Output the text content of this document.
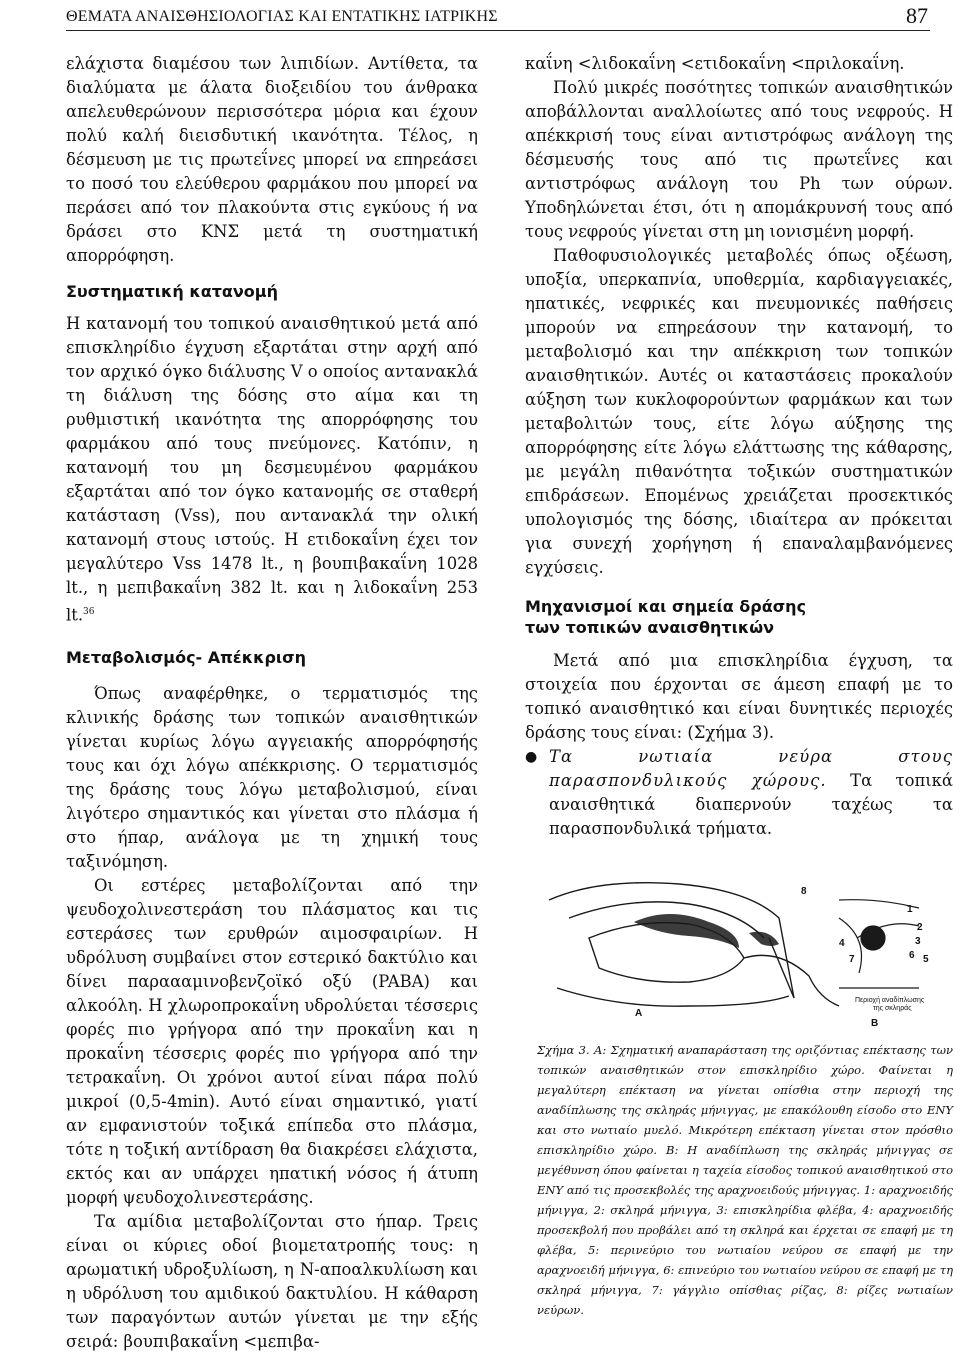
ΘΕΜΑΤΑ ΑΝΑΙΣΘΗΣΙΟΛΟΓΙΑΣ ΚΑΙ ΕΝΤΑΤΙΚΗΣ ΙΑΤΡΙΚΗΣ	87

ελάχιστα διαμέσου των λιπιδίων. Αντίθετα, τα διαλύματα με άλατα διοξειδίου του άνθρακα απελευθερώνουν περισσότερα μόρια και έχουν πολύ καλή διεισδυτική ικανότητα. Τέλος, η δέσμευση με τις πρωτεΐνες μπορεί να επηρεάσει το ποσό του ελεύθερου φαρμάκου που μπορεί να περάσει από τον πλακούντα στις εγκύους ή να δράσει στο ΚΝΣ μετά τη συστηματική απορρόφηση.

Συστηματική κατανομή

Η κατανομή του τοπικού αναισθητικού μετά από επισκληρίδιο έγχυση εξαρτάται στην αρχή από τον αρχικό όγκο διάλυσης V ο οποίος αντανακλά τη διάλυση της δόσης στο αίμα και τη ρυθμιστική ικανότητα της απορρόφησης του φαρμάκου από τους πνεύμονες. Κατόπιν, η κατανομή του μη δεσμευμένου φαρμάκου εξαρτάται από τον όγκο κατανομής σε σταθερή κατάσταση (Vss), που αντανακλά την ολική κατανομή στους ιστούς. Η ετιδοκαΐνη έχει τον μεγαλύτερο Vss 1478 lt., η βουπιβακαΐνη 1028 lt., η μεπιβακαΐνη 382 lt. και η λιδοκαΐνη 253 lt.$^{36}$

Μεταβολισμός- Απέκκριση

Όπως αναφέρθηκε, ο τερματισμός της κλινικής δράσης των τοπικών αναισθητικών γίνεται κυρίως λόγω αγγειακής απορρόφησής τους και όχι λόγω απέκκρισης. Ο τερματισμός της δράσης τους λόγω μεταβολισμού, είναι λιγότερο σημαντικός και γίνεται στο πλάσμα ή στο ήπαρ, ανάλογα με τη χημική τους ταξινόμηση.

Οι εστέρες μεταβολίζονται από την ψευδοχολινεστεράση του πλάσματος και τις εστεράσες των ερυθρών αιμοσφαιρίων. Η υδρόλυση συμβαίνει στον εστερικό δακτύλιο και δίνει παραααμινοβενζοϊκό οξύ (PABA) και αλκοόλη. Η χλωροπροκαΐνη υδρολύεται τέσσερις φορές πιο γρήγορα από την προκαΐνη και η προκαΐνη τέσσερις φορές πιο γρήγορα από την τετρακαΐνη. Οι χρόνοι αυτοί είναι πάρα πολύ μικροί (0,5-4min). Αυτό είναι σημαντικό, γιατί αν εμφανιστούν τοξικά επίπεδα στο πλάσμα, τότε η τοξική αντίδραση θα διακρέσει ελάχιστα, εκτός και αν υπάρχει ηπατική νόσος ή άτυπη μορφή ψευδοχολινεστεράσης.

Τα αμίδια μεταβολίζονται στο ήπαρ. Τρεις είναι οι κύριες οδοί βιομετατροπής τους: η αρωματική υδροξυλίωση, η Ν-αποαλκυλίωση και η υδρόλυση του αμιδικού δακτυλίου. Η κάθαρση των παραγόντων αυτών γίνεται με την εξής σειρά: βουπιβακαΐνη <μεπιβα-

καΐνη <λιδοκαΐνη <ετιδοκαΐνη <πριλοκαΐνη.

Πολύ μικρές ποσότητες τοπικών αναισθητικών αποβάλλονται αναλλοίωτες από τους νεφρούς. Η απέκκρισή τους είναι αντιστρόφως ανάλογη της δέσμευσής τους από τις πρωτεΐνες και αντιστρόφως ανάλογη του Ph των ούρων. Υποδηλώνεται έτσι, ότι η απομάκρυνσή τους από τους νεφρούς γίνεται στη μη ιονισμένη μορφή.

Παθοφυσιολογικές μεταβολές όπως οξέωση, υποξία, υπερκαπνία, υποθερμία, καρδιαγγειακές, ηπατικές, νεφρικές και πνευμονικές παθήσεις μπορούν να επηρεάσουν την κατανομή, το μεταβολισμό και την απέκκριση των τοπικών αναισθητικών. Αυτές οι καταστάσεις προκαλούν αύξηση των κυκλοφορούντων φαρμάκων και των μεταβολιτών τους, είτε λόγω αύξησης της απορρόφησης είτε λόγω ελάττωσης της κάθαρσης, με μεγάλη πιθανότητα τοξικών συστηματικών επιδράσεων. Επομένως χρειάζεται προσεκτικός υπολογισμός της δόσης, ιδιαίτερα αν πρόκειται για συνεχή χορήγηση ή επαναλαμβανόμενες εγχύσεις.

Μηχανισμοί και σημεία δράσης
των τοπικών αναισθητικών

Μετά από μια επισκληρίδια έγχυση, τα στοιχεία που έρχονται σε άμεση επαφή με το τοπικό αναισθητικό και είναι δυνητικές περιοχές δράσης τους είναι: (Σχήμα 3).

● Τα νωτιαία νεύρα στους παρασπονδυλικούς χώρους. Τα τοπικά αναισθητικά διαπερνούν ταχέως τα παρασπονδυλικά τρήματα.
8
1
2
3
4
5
6
7
A
B
Περιοχή αναδίπλωσης
της σκληράς

Σχήμα 3. Α: Σχηματική αναπαράσταση της οριζόντιας επέκτασης των τοπικών αναισθητικών στον επισκληρίδιο χώρο. Φαίνεται η μεγαλύτερη επέκταση να γίνεται οπίσθια στην περιοχή της αναδίπλωσης της σκληράς μήνιγγας, με επακόλουθη είσοδο στο ΕΝΥ και στο νωτιαίο μυελό. Μικρότερη επέκταση γίνεται στον πρόσθιο επισκληρίδιο χώρο. Β: Η αναδίπλωση της σκληράς μήνιγγας σε μεγέθυνση όπου φαίνεται η ταχεία είσοδος τοπικού αναισθητικού στο ΕΝΥ από τις προσεκβολές της αραχνοειδούς μήνιγγας. 1: αραχνοειδής μήνιγγα, 2: σκληρά μήνιγγα, 3: επισκληρίδια φλέβα, 4: αραχνοειδής προσεκβολή που προβάλει από τη σκληρά και έρχεται σε επαφή με τη φλέβα, 5: περινεύριο του νωτιαίου νεύρου σε επαφή με την αραχνοειδή μήνιγγα, 6: επινεύριο του νωτιαίου νεύρου σε επαφή με τη σκληρά μήνιγγα, 7: γάγγλιο οπίσθιας ρίζας, 8: ρίζες νωτιαίων νεύρων.
